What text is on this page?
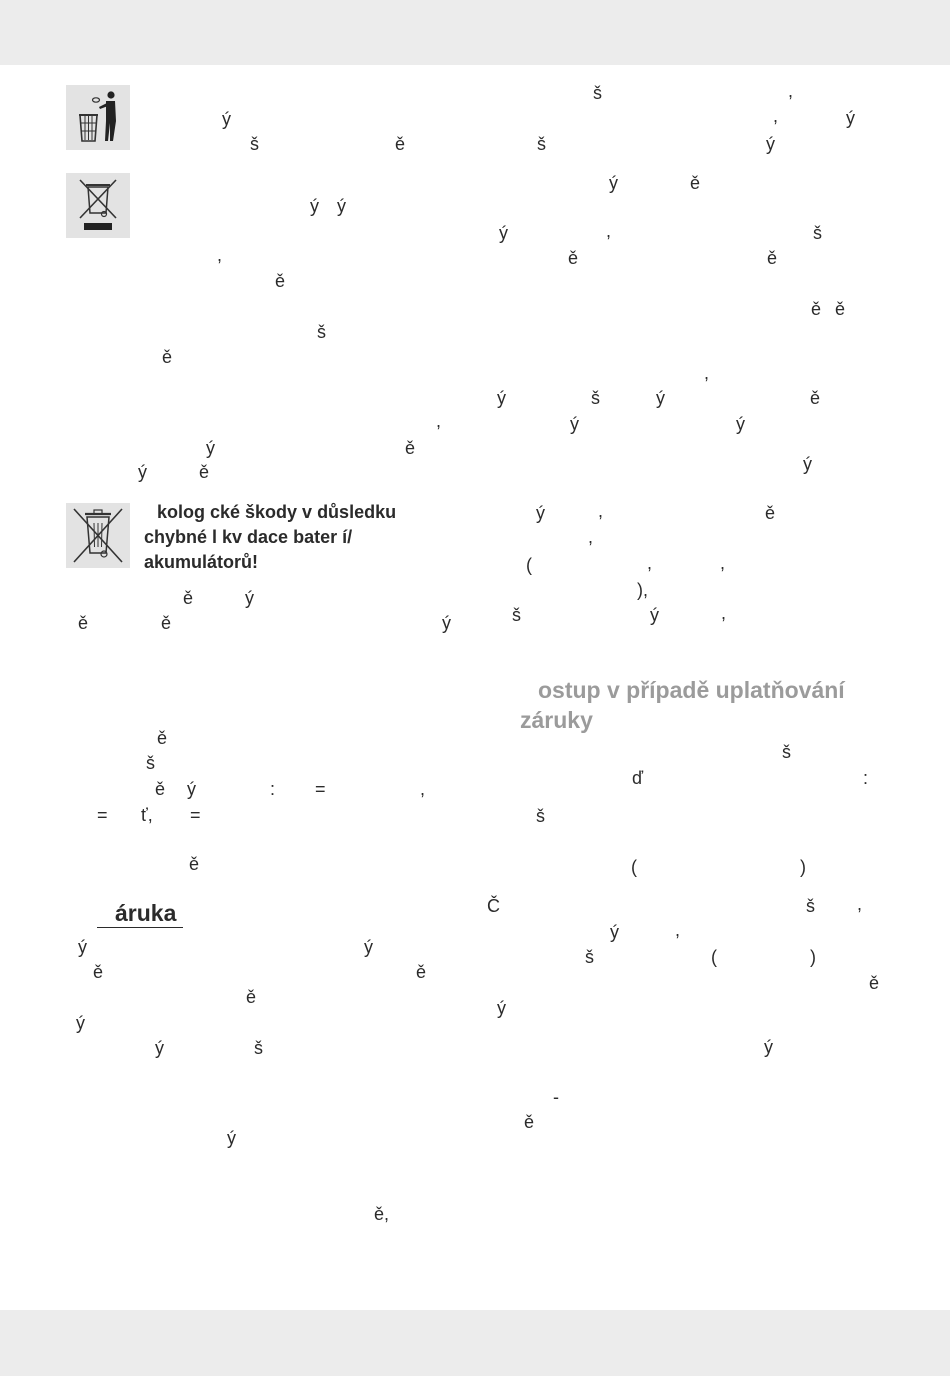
ý
š	ě
ý ý
,
ě
š
ě
,
ý	ě
ý	ě
kolog cké škody v důsledku
chybné l kv dace bater í/
akumulátorů!
ě	ý
ě	ě	ý
ě
š
ě ý	: =	,
= ť, =
ě
áruka
ý	ý
ě	ě
ě
ý
ý	š
ý
ě,
š	,
,	ý
š	ý
ý	ě
ý	,	š
ě	ě
ě ě
,
ý	š	ý	ě
ý	ý
ý
ý	,	ě
,
(	,	,
),
š	ý	,
ostup v případě uplatňování
záruky
š
ď	:
š
(	)
Č	š ,
ý	,
š	(	)
ě
ý
ý
-
ě
